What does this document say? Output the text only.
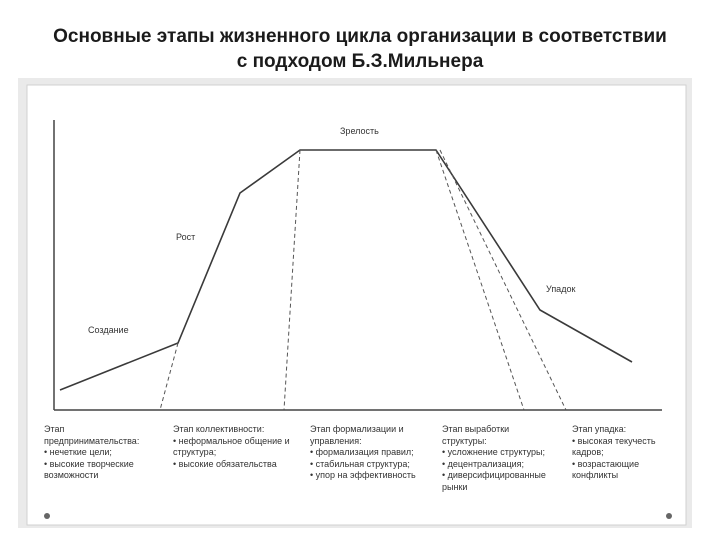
Основные этапы жизненного цикла организации в соответствии
с подходом Б.З.Мильнера
Создание
Рост
Зрелость
Упадок
Этап предпринимательства:
• нечеткие цели;
• высокие творческие возможности
Этап коллективности:
• неформальное общение и структура;
• высокие обязательства
Этап формализации и управления:
• формализация правил;
• стабильная структура;
• упор на эффективность
Этап выработки структуры:
• усложнение структуры;
• децентрализация;
• диверсифицированные рынки
Этап упадка:
• высокая текучесть кадров;
• возрастающие конфликты
